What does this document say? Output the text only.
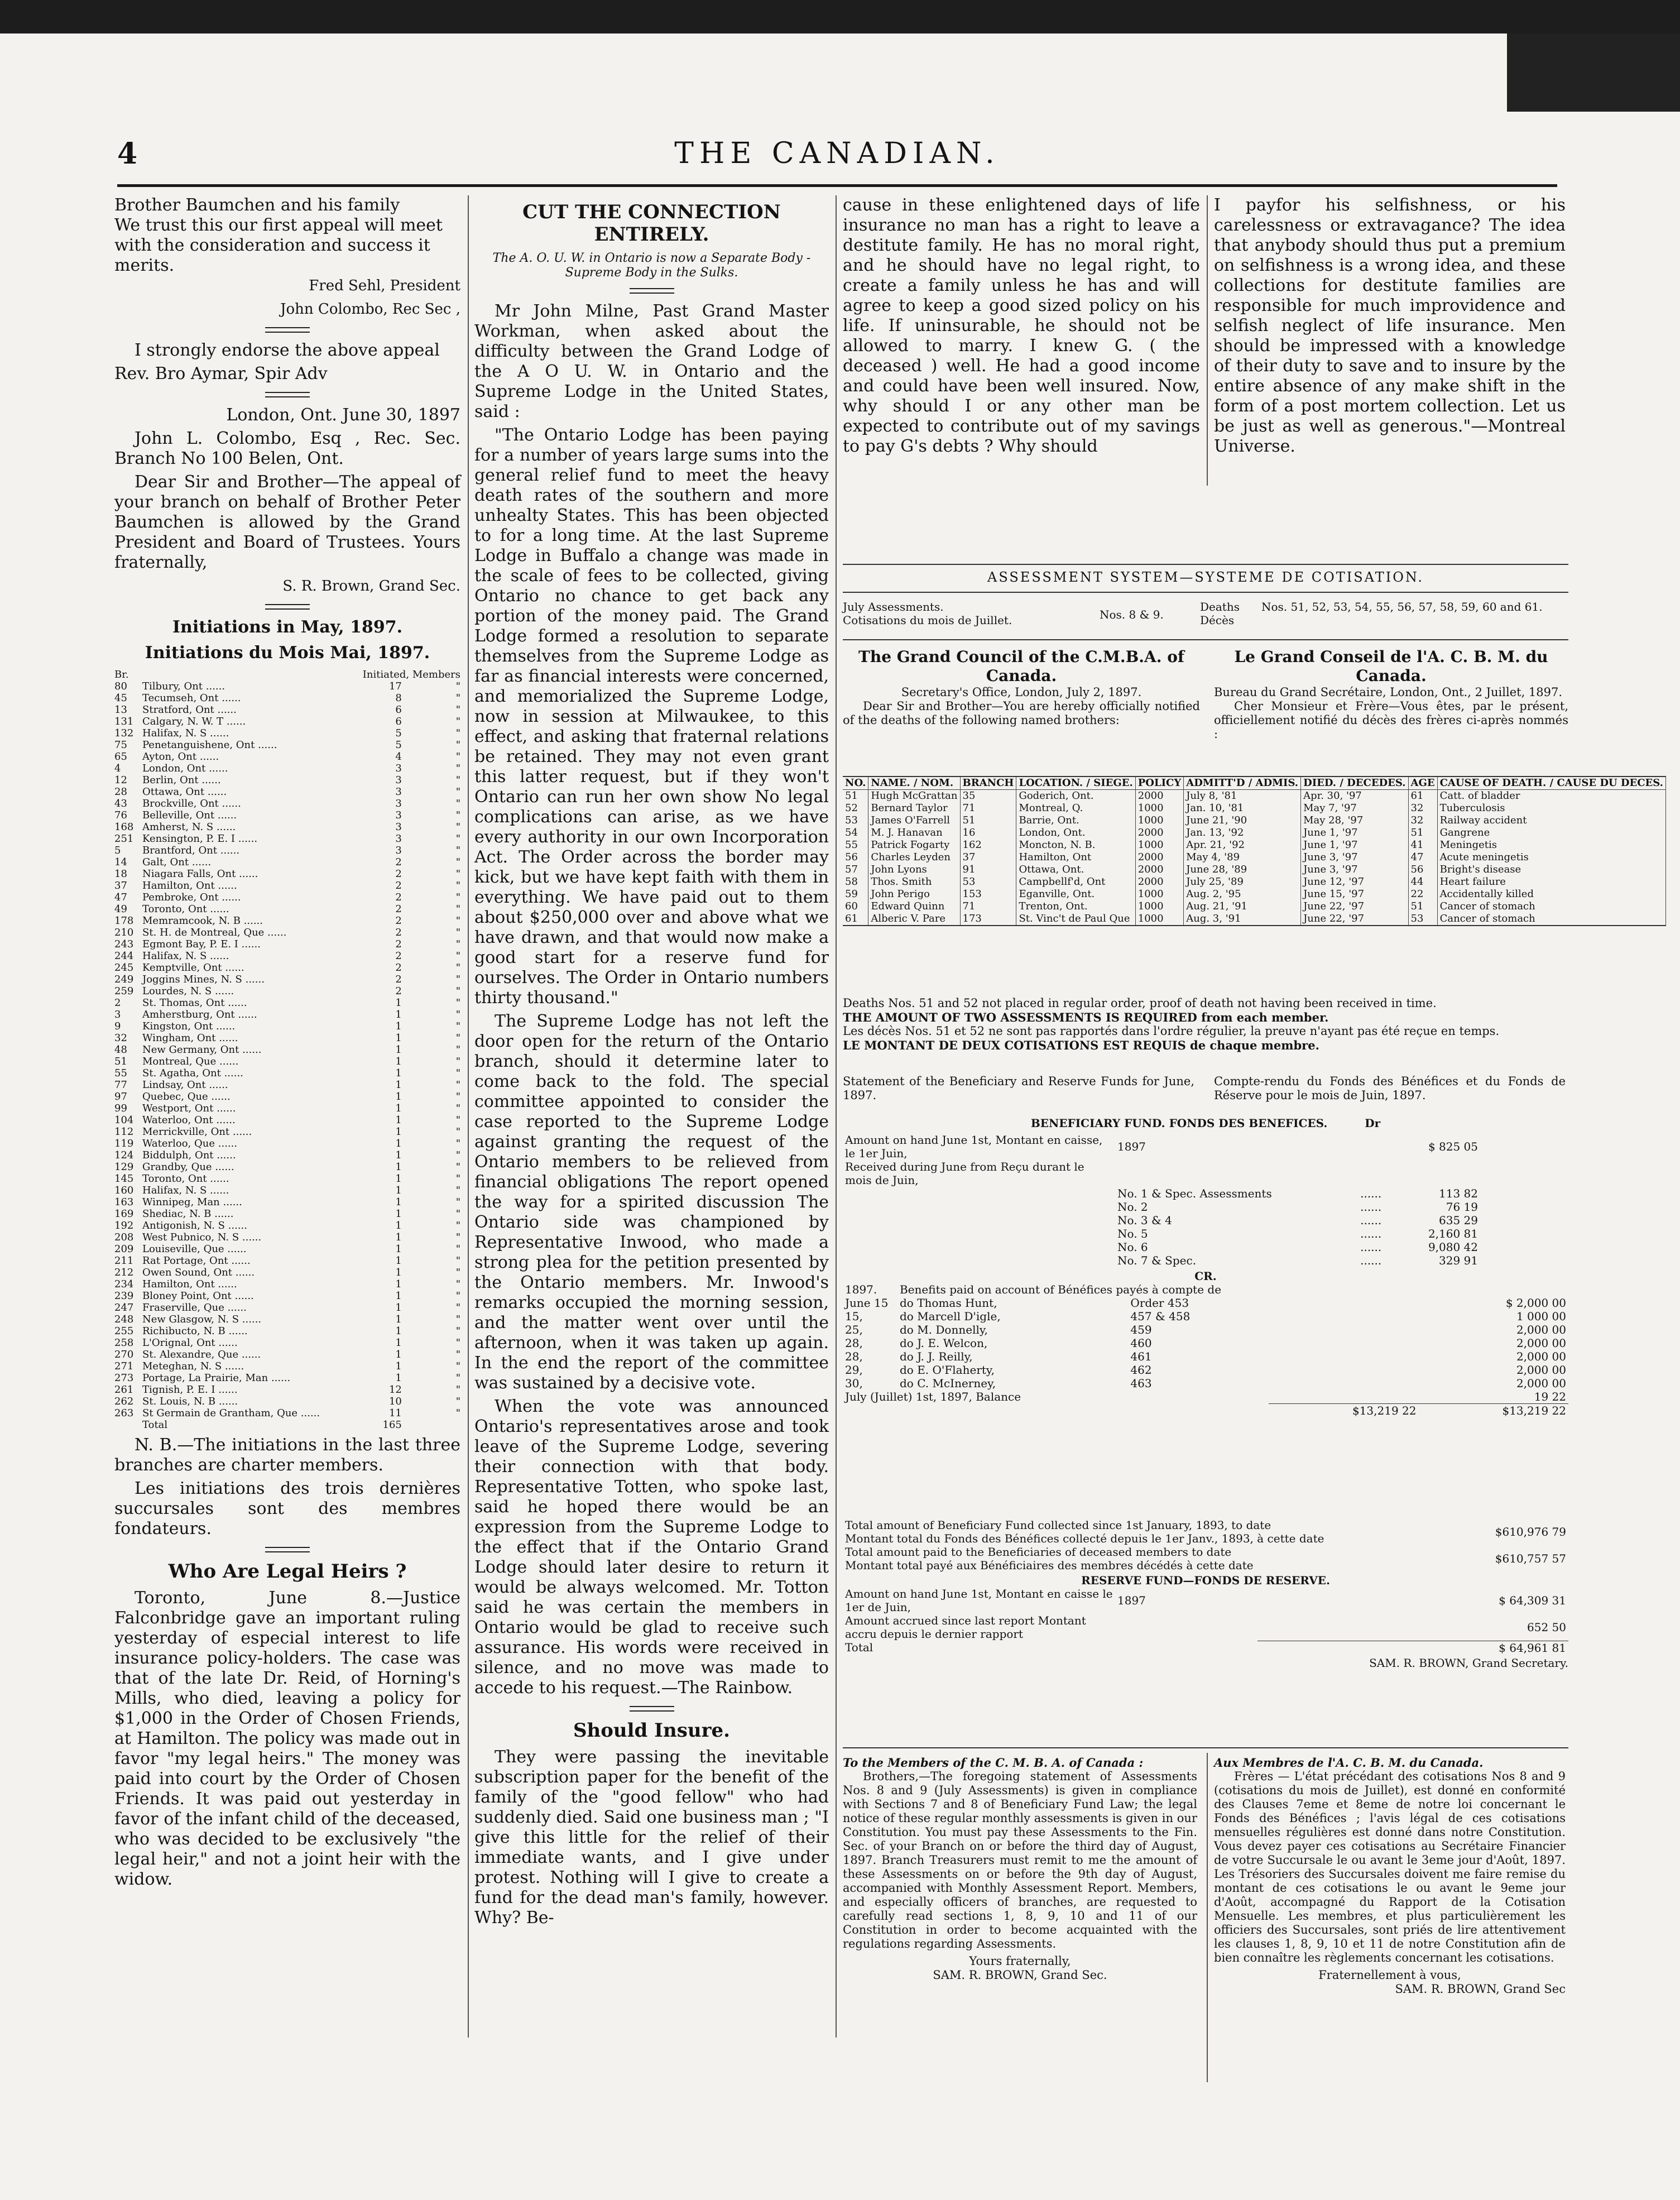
4	THE CANADIAN.
Brother Baumchen and his family
We trust this our first appeal will meet
with the consideration and success it
merits.

Fred Sehl, President

John Colombo, Rec Sec ,

I strongly endorse the above appeal

Rev. Bro Aymar, Spir Adv

London, Ont. June 30, 1897

John L. Colombo, Esq , Rec. Sec. Branch No 100 Belen, Ont.

Dear Sir and Brother—The appeal of your branch on behalf of Brother Peter Baumchen is allowed by the Grand President and Board of Trustees. Yours fraternally,

S. R. Brown, Grand Sec.

Initiations in May, 1897.
Initiations du Mois Mai, 1897.
Br.		Initiated, Members	
80	Tilbury, Ont ......	17	"
45	Tecumseh, Ont ......	8	"
13	Stratford, Ont ......	6	"
131	Calgary, N. W. T ......	6	"
132	Halifax, N. S ......	5	"
75	Penetanguishene, Ont ......	5	"
65	Ayton, Ont ......	4	"
4	London, Ont ......	3	"
12	Berlin, Ont ......	3	"
28	Ottawa, Ont ......	3	"
43	Brockville, Ont ......	3	"
76	Belleville, Ont ......	3	"
168	Amherst, N. S ......	3	"
251	Kensington, P. E. I ......	3	"
5	Brantford, Ont ......	3	"
14	Galt, Ont ......	2	"
18	Niagara Falls, Ont ......	2	"
37	Hamilton, Ont ......	2	"
47	Pembroke, Ont ......	2	"
49	Toronto, Ont ......	2	"
178	Memramcook, N. B ......	2	"
210	St. H. de Montreal, Que ......	2	"
243	Egmont Bay, P. E. I ......	2	"
244	Halifax, N. S ......	2	"
245	Kemptville, Ont ......	2	"
249	Joggins Mines, N. S ......	2	"
259	Lourdes, N. S ......	2	"
2	St. Thomas, Ont ......	1	"
3	Amherstburg, Ont ......	1	"
9	Kingston, Ont ......	1	"
32	Wingham, Ont ......	1	"
48	New Germany, Ont ......	1	"
51	Montreal, Que ......	1	"
55	St. Agatha, Ont ......	1	"
77	Lindsay, Ont ......	1	"
97	Quebec, Que ......	1	"
99	Westport, Ont ......	1	"
104	Waterloo, Ont ......	1	"
112	Merrickville, Ont ......	1	"
119	Waterloo, Que ......	1	"
124	Biddulph, Ont ......	1	"
129	Grandby, Que ......	1	"
145	Toronto, Ont ......	1	"
160	Halifax, N. S ......	1	"
163	Winnipeg, Man ......	1	"
169	Shediac, N. B ......	1	"
192	Antigonish, N. S ......	1	"
208	West Pubnico, N. S ......	1	"
209	Louiseville, Que ......	1	"
211	Rat Portage, Ont ......	1	"
212	Owen Sound, Ont ......	1	"
234	Hamilton, Ont ......	1	"
239	Bloney Point, Ont ......	1	"
247	Fraserville, Que ......	1	"
248	New Glasgow, N. S ......	1	"
255	Richibucto, N. B ......	1	"
258	L'Orignal, Ont ......	1	"
270	St. Alexandre, Que ......	1	"
271	Meteghan, N. S ......	1	"
273	Portage, La Prairie, Man ......	1	"
261	Tignish, P. E. I ......	12	"
262	St. Louis, N. B ......	10	"
263	St Germain de Grantham, Que ......	11	"
	Total	165	

N. B.—The initiations in the last three branches are charter members.

Les initiations des trois dernières succursales sont des membres fondateurs.

Who Are Legal Heirs ?

Toronto, June 8.—Justice Falconbridge gave an important ruling yesterday of especial interest to life insurance policy-holders. The case was that of the late Dr. Reid, of Horning's Mills, who died, leaving a policy for $1,000 in the Order of Chosen Friends, at Hamilton. The policy was made out in favor "my legal heirs." The money was paid into court by the Order of Chosen Friends. It was paid out yesterday in favor of the infant child of the deceased, who was decided to be exclusively "the legal heir," and not a joint heir with the widow.

CUT THE CONNECTION ENTIRELY.
The A. O. U. W. in Ontario is now a Separate Body - Supreme Body in the Sulks.

Mr John Milne, Past Grand Master Workman, when asked about the difficulty between the Grand Lodge of the A O U. W. in Ontario and the Supreme Lodge in the United States, said :

"The Ontario Lodge has been paying for a number of years large sums into the general relief fund to meet the heavy death rates of the southern and more unhealty States. This has been objected to for a long time. At the last Supreme Lodge in Buffalo a change was made in the scale of fees to be collected, giving Ontario no chance to get back any portion of the money paid. The Grand Lodge formed a resolution to separate themselves from the Supreme Lodge as far as financial interests were concerned, and memorialized the Supreme Lodge, now in session at Milwaukee, to this effect, and asking that fraternal relations be retained. They may not even grant this latter request, but if they won't Ontario can run her own show No legal complications can arise, as we have every authority in our own Incorporation Act. The Order across the border may kick, but we have kept faith with them in everything. We have paid out to them about $250,000 over and above what we have drawn, and that would now make a good start for a reserve fund for ourselves. The Order in Ontario numbers thirty thousand."

The Supreme Lodge has not left the door open for the return of the Ontario branch, should it determine later to come back to the fold. The special committee appointed to consider the case reported to the Supreme Lodge against granting the request of the Ontario members to be relieved from financial obligations The report opened the way for a spirited discussion The Ontario side was championed by Representative Inwood, who made a strong plea for the petition presented by the Ontario members. Mr. Inwood's remarks occupied the morning session, and the matter went over until the afternoon, when it was taken up again. In the end the report of the committee was sustained by a decisive vote.

When the vote was announced Ontario's representatives arose and took leave of the Supreme Lodge, severing their connection with that body. Representative Totten, who spoke last, said he hoped there would be an expression from the Supreme Lodge to the effect that if the Ontario Grand Lodge should later desire to return it would be always welcomed. Mr. Totton said he was certain the members in Ontario would be glad to receive such assurance. His words were received in silence, and no move was made to accede to his request.—The Rainbow.

Should Insure.

They were passing the inevitable subscription paper for the benefit of the family of the "good fellow" who had suddenly died. Said one business man ; "I give this little for the relief of their immediate wants, and I give under protest. Nothing will I give to create a fund for the dead man's family, however. Why? Be-

cause in these enlightened days of life insurance no man has a right to leave a destitute family. He has no moral right, and he should have no legal right, to create a family unless he has and will agree to keep a good sized policy on his life. If uninsurable, he should not be allowed to marry. I knew G. ( the deceased ) well. He had a good income and could have been well insured. Now, why should I or any other man be expected to contribute out of my savings to pay G's debts ? Why should

I payfor his selfishness, or his carelessness or extravagance? The idea that anybody should thus put a premium on selfishness is a wrong idea, and these collections for destitute families are responsible for much improvidence and selfish neglect of life insurance. Men should be impressed with a knowledge of their duty to save and to insure by the entire absence of any make shift in the form of a post mortem collection. Let us be just as well as generous."—Montreal Universe.

ASSESSMENT SYSTEM—SYSTEME DE COTISATION.
July Assessments.
Cotisations du mois de Juillet.	Nos. 8 & 9.
Deaths Décès
Nos. 51, 52, 53, 54, 55, 56, 57, 58, 59, 60 and 61.
The Grand Council of the C.M.B.A. of Canada.
Secretary's Office, London, July 2, 1897.

Dear Sir and Brother—You are hereby officially notified of the deaths of the following named brothers:

Le Grand Conseil de l'A. C. B. M. du Canada.
Bureau du Grand Secrétaire, London, Ont., 2 Juillet, 1897.

Cher Monsieur et Frère—Vous êtes, par le présent, officiellement notifié du décès des frères ci-après nommés :

NO.	NAME. / NOM.	BRANCH	LOCATION. / SIEGE.	POLICY	ADMITT'D / ADMIS.	DIED. / DECEDES.	AGE	CAUSE OF DEATH. / CAUSE DU DECES.
51	Hugh McGrattan	35	Goderich, Ont.	2000	July 8, '81	Apr. 30, '97	61	Catt. of bladder
52	Bernard Taylor	71	Montreal, Q.	1000	Jan. 10, '81	May 7, '97	32	Tuberculosis
53	James O'Farrell	51	Barrie, Ont.	1000	June 21, '90	May 28, '97	32	Railway accident
54	M. J. Hanavan	16	London, Ont.	2000	Jan. 13, '92	June 1, '97	51	Gangrene
55	Patrick Fogarty	162	Moncton, N. B.	1000	Apr. 21, '92	June 1, '97	41	Meningetis
56	Charles Leyden	37	Hamilton, Ont	2000	May 4, '89	June 3, '97	47	Acute meningetis
57	John Lyons	91	Ottawa, Ont.	2000	June 28, '89	June 3, '97	56	Bright's disease
58	Thos. Smith	53	Campbellf'd, Ont	2000	July 25, '89	June 12, '97	44	Heart failure
59	John Perigo	153	Eganville, Ont.	1000	Aug. 2, '95	June 15, '97	22	Accidentally killed
60	Edward Quinn	71	Trenton, Ont.	1000	Aug. 21, '91	June 22, '97	51	Cancer of stomach
61	Alberic V. Pare	173	St. Vinc't de Paul Que	1000	Aug. 3, '91	June 22, '97	53	Cancer of stomach
Deaths Nos. 51 and 52 not placed in regular order, proof of death not having been received in time.
THE AMOUNT OF TWO ASSESSMENTS IS REQUIRED from each member.
Les décès Nos. 51 et 52 ne sont pas rapportés dans l'ordre régulier, la preuve n'ayant pas été reçue en temps.
LE MONTANT DE DEUX COTISATIONS EST REQUIS de chaque membre.
Statement of the Beneficiary and Reserve Funds for June, 1897.
Compte-rendu du Fonds des Bénéfices et du Fonds de Réserve pour le mois de Juin, 1897.
BENEFICIARY FUND. FONDS DES BENEFICES.	Dr
Amount on hand June 1st, Montant en caisse, le 1er Juin,	1897		$ 825 05	
Received during June from Reçu durant le mois de Juin,				
	No. 1 & Spec. Assessments	......	113 82	
	No. 2	......	76 19	
	No. 3 & 4	......	635 29	
	No. 5	......	2,160 81	
	No. 6	......	9,080 42	
	No. 7 & Spec.	......	329 91	
CR.
1897.	Benefits paid on account of Bénéfices payés à compte de			
June 15	do Thomas Hunt,	Order 453		$ 2,000 00
15,	do Marcell D'igle,	457 & 458		1 000 00
25,	do M. Donnelly,	459		2,000 00
28,	do J. E. Welcon,	460		2,000 00
28,	do J. J. Reilly,	461		2,000 00
29,	do E. O'Flaherty,	462		2,000 00
30,	do C. McInerney,	463		2,000 00
July (Juillet) 1st, 1897, Balance				19 22
			$13,219 22	$13,219 22
Total amount of Beneficiary Fund collected since 1st January, 1893, to date
Montant total du Fonds des Bénéfices collecté depuis le 1er Janv., 1893, à cette date	$610,976 79

Total amount paid to the Beneficiaries of deceased members to date
Montant total payé aux Bénéficiaires des membres décédés à cette date	$610,757 57
RESERVE FUND—FONDS DE RESERVE.
Amount on hand June 1st, Montant en caisse le 1er de Juin,	1897	$ 64,309 31
Amount accrued since last report Montant accru depuis le dernier rapport		652 50
Total		$ 64,961 81
SAM. R. BROWN, Grand Secretary.
To the Members of the C. M. B. A. of Canada :

Brothers,—The foregoing statement of Assessments Nos. 8 and 9 (July Assessments) is given in compliance with Sections 7 and 8 of Beneficiary Fund Law; the legal notice of these regular monthly assessments is given in our Constitution. You must pay these Assessments to the Fin. Sec. of your Branch on or before the third day of August, 1897. Branch Treasurers must remit to me the amount of these Assessments on or before the 9th day of August, accompanied with Monthly Assessment Report. Members, and especially officers of branches, are requested to carefully read sections 1, 8, 9, 10 and 11 of our Constitution in order to become acquainted with the regulations regarding Assessments.

Yours fraternally,
SAM. R. BROWN, Grand Sec.
Aux Membres de l'A. C. B. M. du Canada.

Frères — L'état précédant des cotisations Nos 8 and 9 (cotisations du mois de Juillet), est donné en conformité des Clauses 7eme et 8eme de notre loi concernant le Fonds des Bénéfices ; l'avis légal de ces cotisations mensuelles régulières est donné dans notre Constitution. Vous devez payer ces cotisations au Secrétaire Financier de votre Succursale le ou avant le 3eme jour d'Août, 1897. Les Trésoriers des Succursales doivent me faire remise du montant de ces cotisations le ou avant le 9eme jour d'Août, accompagné du Rapport de la Cotisation Mensuelle. Les membres, et plus particulièrement les officiers des Succursales, sont priés de lire attentivement les clauses 1, 8, 9, 10 et 11 de notre Constitution afin de bien connaître les règlements concernant les cotisations.

Fraternellement à vous,
SAM. R. BROWN, Grand Sec
